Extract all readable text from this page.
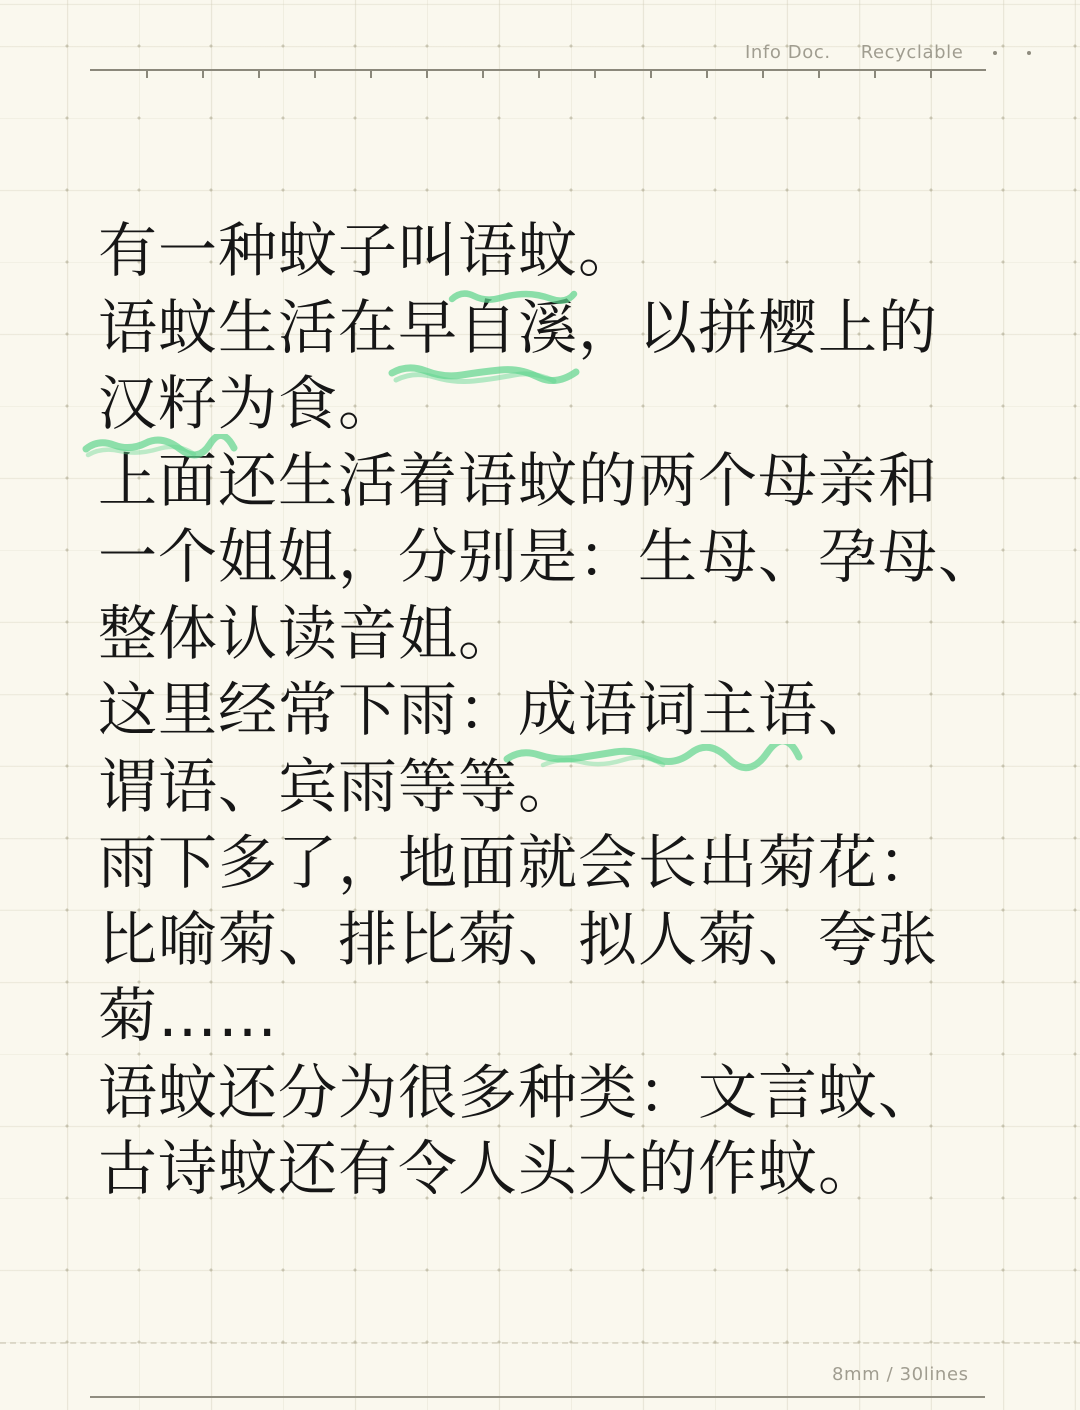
Info Doc. Recyclable
有一种蚊子叫语蚊。
语蚊生活在早自溪，以拼樱上的
汉籽为食。
上面还生活着语蚊的两个母亲和
一个姐姐，分别是：生母、孕母、
整体认读音姐。
这里经常下雨：成语词主语、
谓语、宾雨等等。
雨下多了，地面就会长出菊花：
比喻菊、排比菊、拟人菊、夸张
菊……
语蚊还分为很多种类：文言蚊、
古诗蚊还有令人头大的作蚊。
8mm / 30lines
